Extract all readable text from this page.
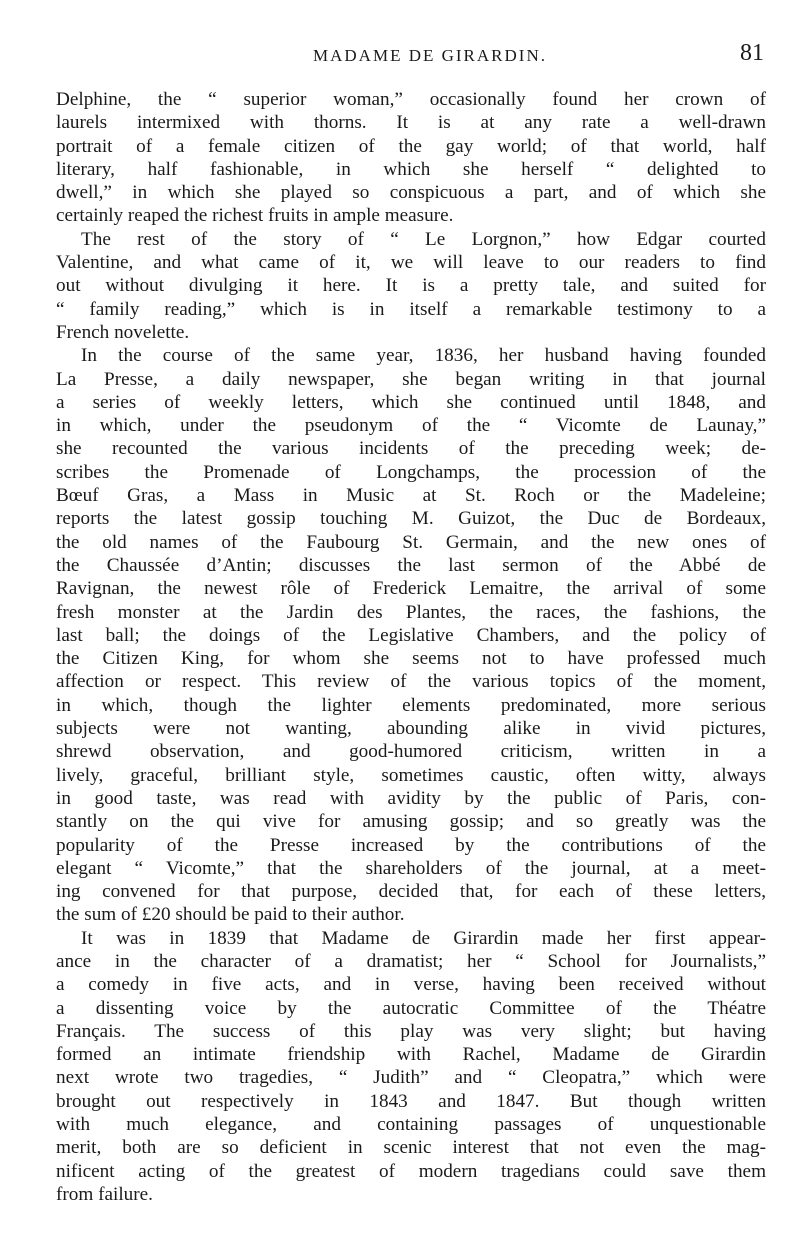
MADAME DE GIRARDIN.	81
Delphine, the “ superior woman,” occasionally found her crown of
laurels intermixed with thorns. It is at any rate a well-drawn
portrait of a female citizen of the gay world; of that world, half
literary, half fashionable, in which she herself “ delighted to
dwell,” in which she played so conspicuous a part, and of which she
certainly reaped the richest fruits in ample measure.
The rest of the story of “ Le Lorgnon,” how Edgar courted
Valentine, and what came of it, we will leave to our readers to find
out without divulging it here. It is a pretty tale, and suited for
“ family reading,” which is in itself a remarkable testimony to a
French novelette.
In the course of the same year, 1836, her husband having founded
La Presse, a daily newspaper, she began writing in that journal
a series of weekly letters, which she continued until 1848, and
in which, under the pseudonym of the “ Vicomte de Launay,”
she recounted the various incidents of the preceding week; de-
scribes the Promenade of Longchamps, the procession of the
Bœuf Gras, a Mass in Music at St. Roch or the Madeleine;
reports the latest gossip touching M. Guizot, the Duc de Bordeaux,
the old names of the Faubourg St. Germain, and the new ones of
the Chaussée d’Antin; discusses the last sermon of the Abbé de
Ravignan, the newest rôle of Frederick Lemaitre, the arrival of some
fresh monster at the Jardin des Plantes, the races, the fashions, the
last ball; the doings of the Legislative Chambers, and the policy of
the Citizen King, for whom she seems not to have professed much
affection or respect. This review of the various topics of the moment,
in which, though the lighter elements predominated, more serious
subjects were not wanting, abounding alike in vivid pictures,
shrewd observation, and good-humored criticism, written in a
lively, graceful, brilliant style, sometimes caustic, often witty, always
in good taste, was read with avidity by the public of Paris, con-
stantly on the qui vive for amusing gossip; and so greatly was the
popularity of the Presse increased by the contributions of the
elegant “ Vicomte,” that the shareholders of the journal, at a meet-
ing convened for that purpose, decided that, for each of these letters,
the sum of £20 should be paid to their author.
It was in 1839 that Madame de Girardin made her first appear-
ance in the character of a dramatist; her “ School for Journalists,”
a comedy in five acts, and in verse, having been received without
a dissenting voice by the autocratic Committee of the Théatre
Français. The success of this play was very slight; but having
formed an intimate friendship with Rachel, Madame de Girardin
next wrote two tragedies, “ Judith” and “ Cleopatra,” which were
brought out respectively in 1843 and 1847. But though written
with much elegance, and containing passages of unquestionable
merit, both are so deficient in scenic interest that not even the mag-
nificent acting of the greatest of modern tragedians could save them
from failure.
